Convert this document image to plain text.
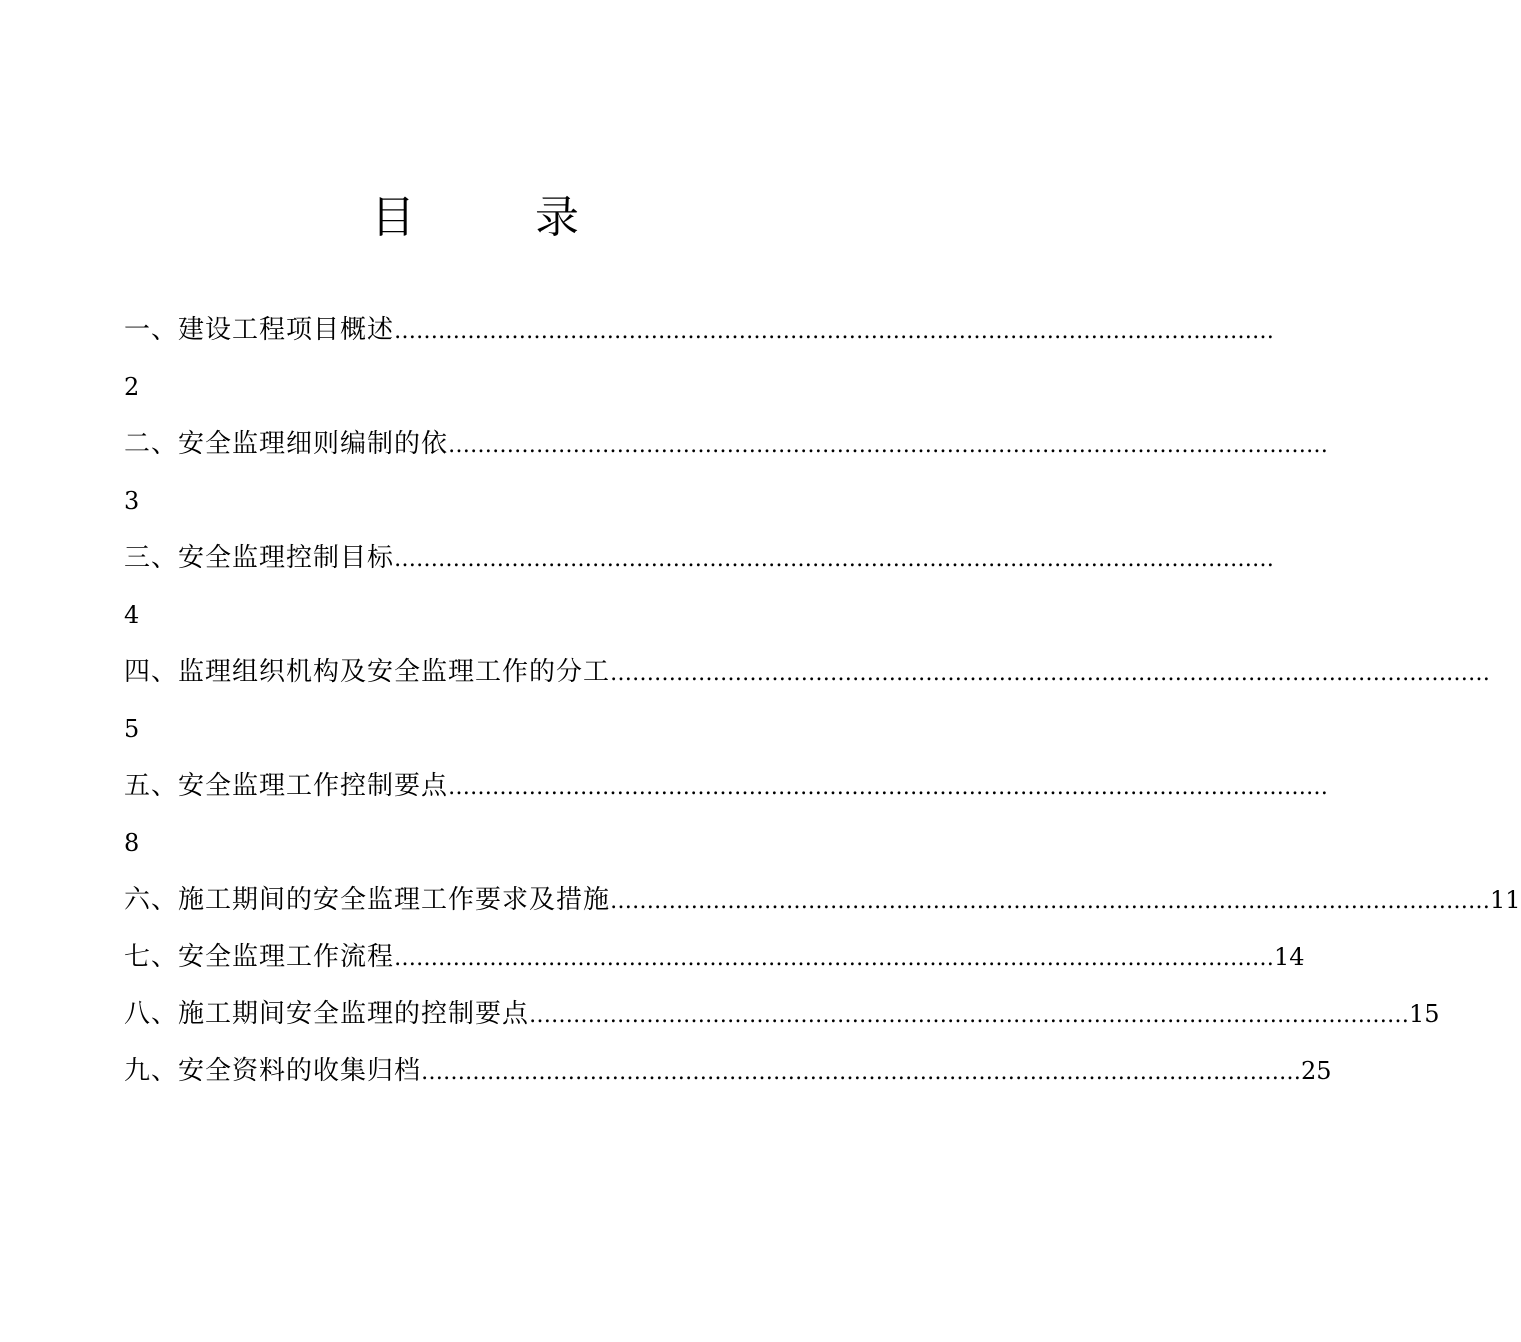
目　录
一、建设工程项目概述 …………………………………………………………………………………………………………
2
二、安全监理细则编制的依 …………………………………………………………………………………………………………
3
三、安全监理控制目标 …………………………………………………………………………………………………………
4
四、监理组织机构及安全监理工作的分工 …………………………………………………………………………………………………………
5
五、安全监理工作控制要点 …………………………………………………………………………………………………………
8
六、施工期间的安全监理工作要求及措施 ………………………………………………………………………………………………………… 11
七、安全监理工作流程 ………………………………………………………………………………………………………… 14
八、施工期间安全监理的控制要点 ………………………………………………………………………………………………………… 15
九、安全资料的收集归档 ………………………………………………………………………………………………………… 25
